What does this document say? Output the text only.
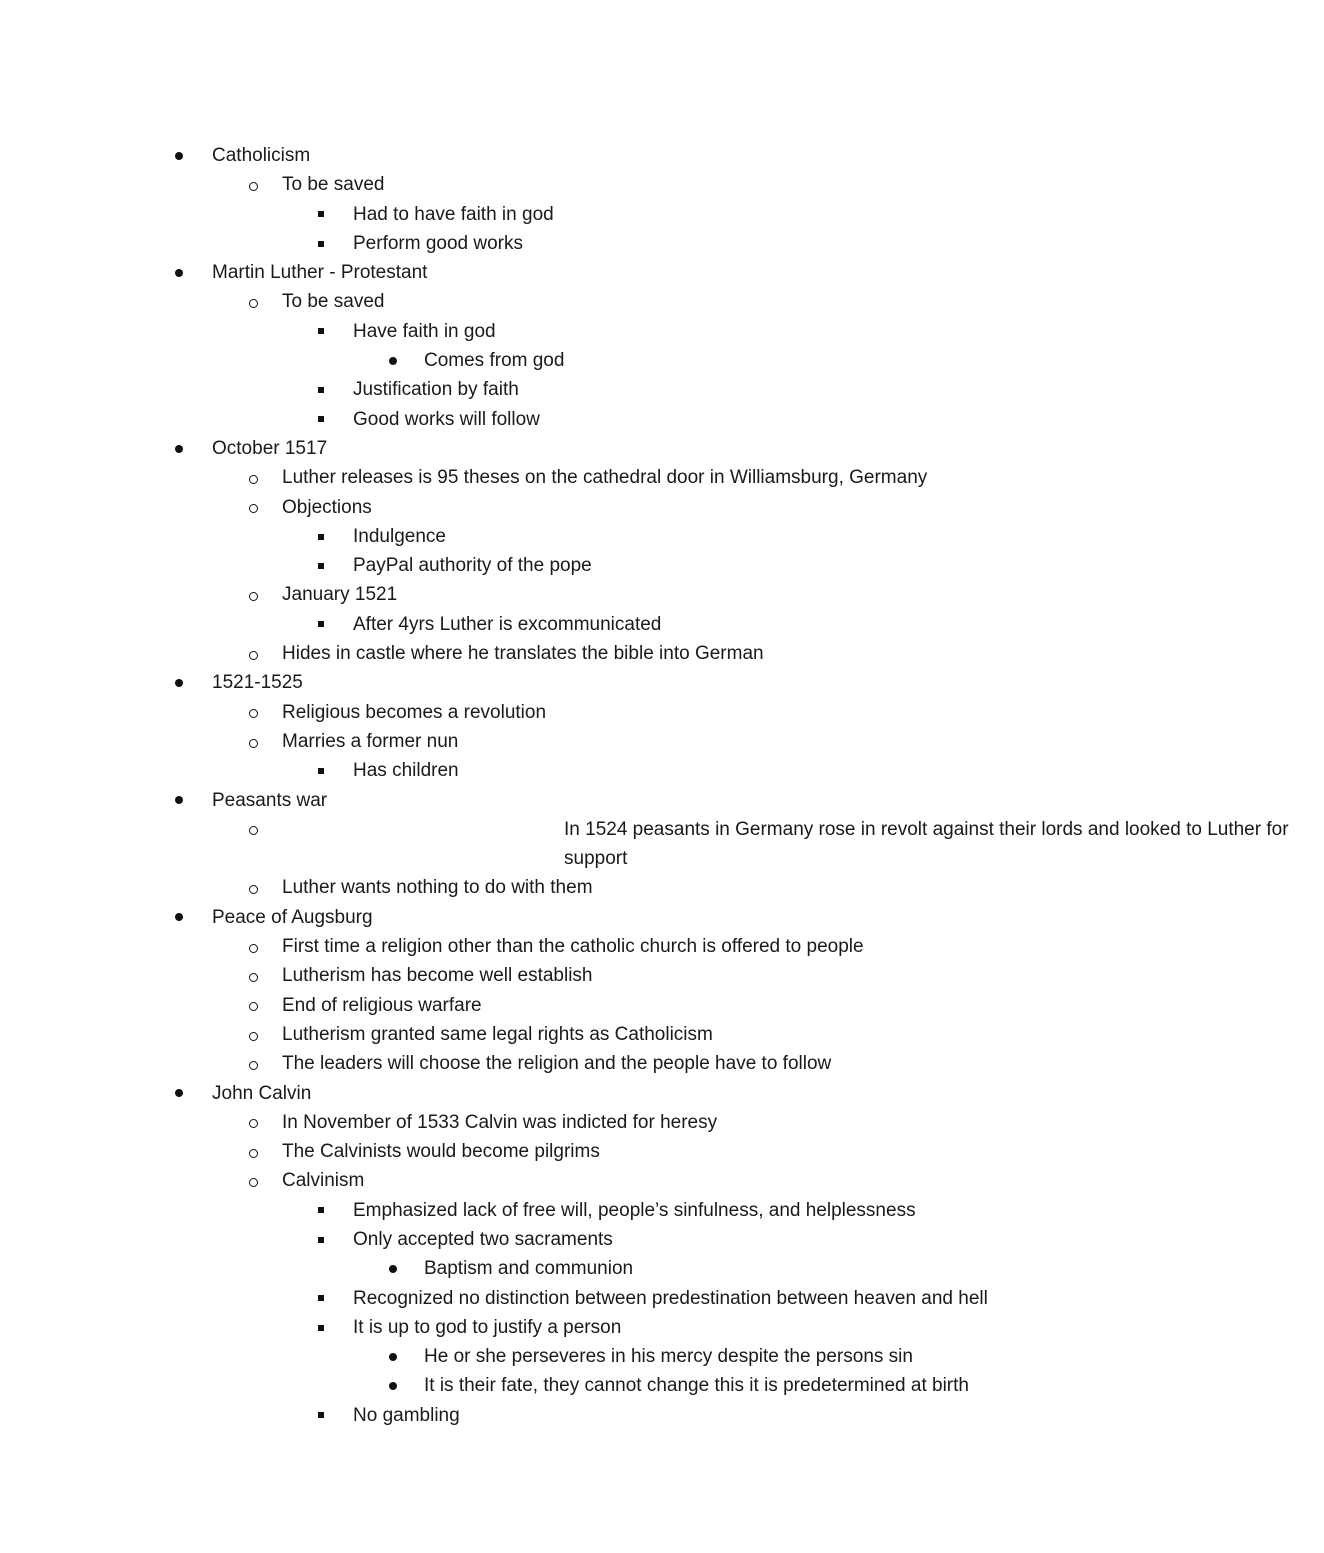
Catholicism
To be saved
Had to have faith in god
Perform good works
Martin Luther - Protestant
To be saved
Have faith in god
Comes from god
Justification by faith
Good works will follow
October 1517
Luther releases is 95 theses on the cathedral door in Williamsburg, Germany
Objections
Indulgence
PayPal authority of the pope
January 1521
After 4yrs Luther is excommunicated
Hides in castle where he translates the bible into German
1521-1525
Religious becomes a revolution
Marries a former nun
Has children
Peasants war
In 1524 peasants in Germany rose in revolt against their lords and looked to Luther for support
Luther wants nothing to do with them
Peace of Augsburg
First time a religion other than the catholic church is offered to people
Lutherism has become well establish
End of religious warfare
Lutherism granted same legal rights as Catholicism
The leaders will choose the religion and the people have to follow
John Calvin
In November of 1533 Calvin was indicted for heresy
The Calvinists would become pilgrims
Calvinism
Emphasized lack of free will, people’s sinfulness, and helplessness
Only accepted two sacraments
Baptism and communion
Recognized no distinction between predestination between heaven and hell
It is up to god to justify a person
He or she perseveres in his mercy despite the persons sin
It is their fate, they cannot change this it is predetermined at birth
No gambling
